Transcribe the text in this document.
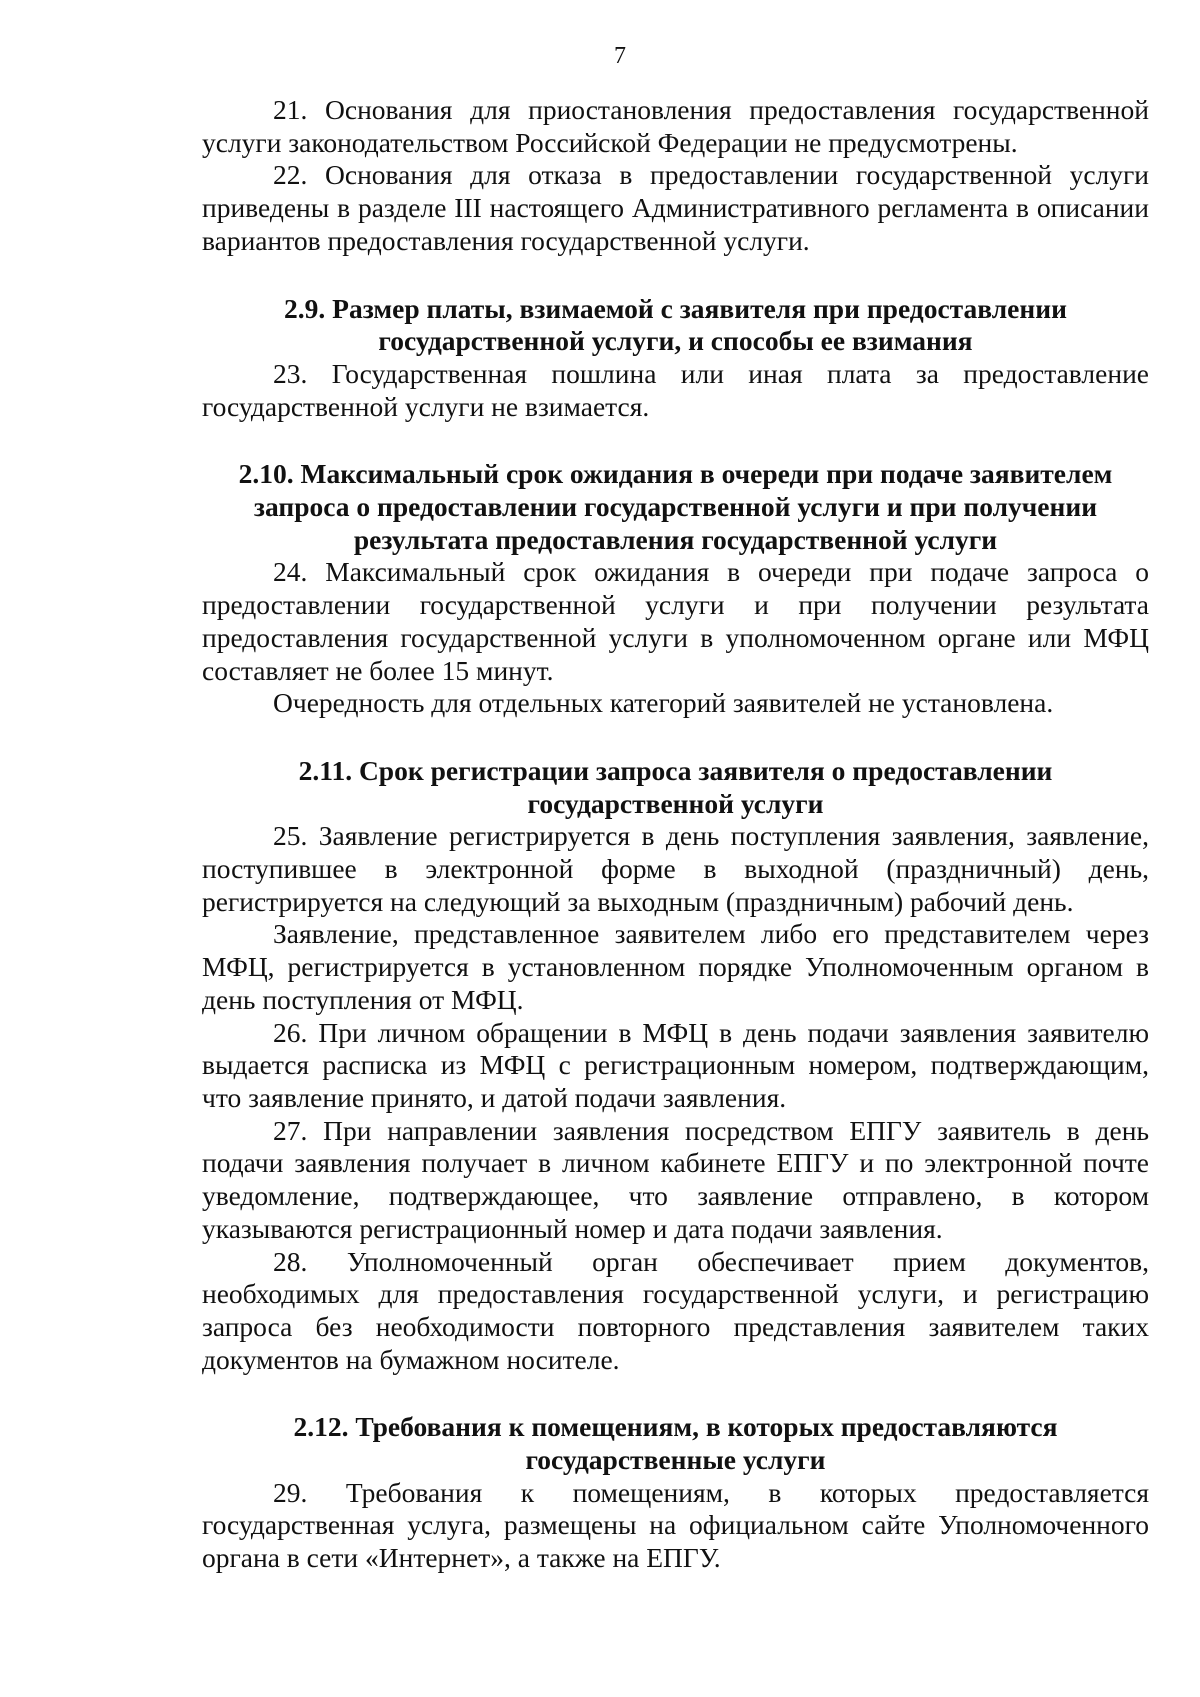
7

21. Основания для приостановления предоставления государственной услуги законодательством Российской Федерации не предусмотрены.

22. Основания для отказа в предоставлении государственной услуги приведены в разделе III настоящего Административного регламента в описании вариантов предоставления государственной услуги.

2.9. Размер платы, взимаемой с заявителя при предоставлении государственной услуги, и способы ее взимания

23. Государственная пошлина или иная плата за предоставление государственной услуги не взимается.

2.10. Максимальный срок ожидания в очереди при подаче заявителем запроса о предоставлении государственной услуги и при получении результата предоставления государственной услуги

24. Максимальный срок ожидания в очереди при подаче запроса о предоставлении государственной услуги и при получении результата предоставления государственной услуги в уполномоченном органе или МФЦ составляет не более 15 минут.

Очередность для отдельных категорий заявителей не установлена.

2.11. Срок регистрации запроса заявителя о предоставлении государственной услуги

25. Заявление регистрируется в день поступления заявления, заявление, поступившее в электронной форме в выходной (праздничный) день, регистрируется на следующий за выходным (праздничным) рабочий день.

Заявление, представленное заявителем либо его представителем через МФЦ, регистрируется в установленном порядке Уполномоченным органом в день поступления от МФЦ.

26. При личном обращении в МФЦ в день подачи заявления заявителю выдается расписка из МФЦ с регистрационным номером, подтверждающим, что заявление принято, и датой подачи заявления.

27. При направлении заявления посредством ЕПГУ заявитель в день подачи заявления получает в личном кабинете ЕПГУ и по электронной почте уведомление, подтверждающее, что заявление отправлено, в котором указываются регистрационный номер и дата подачи заявления.

28. Уполномоченный орган обеспечивает прием документов, необходимых для предоставления государственной услуги, и регистрацию запроса без необходимости повторного представления заявителем таких документов на бумажном носителе.

2.12. Требования к помещениям, в которых предоставляются государственные услуги

29. Требования к помещениям, в которых предоставляется государственная услуга, размещены на официальном сайте Уполномоченного органа в сети «Интернет», а также на ЕПГУ.
